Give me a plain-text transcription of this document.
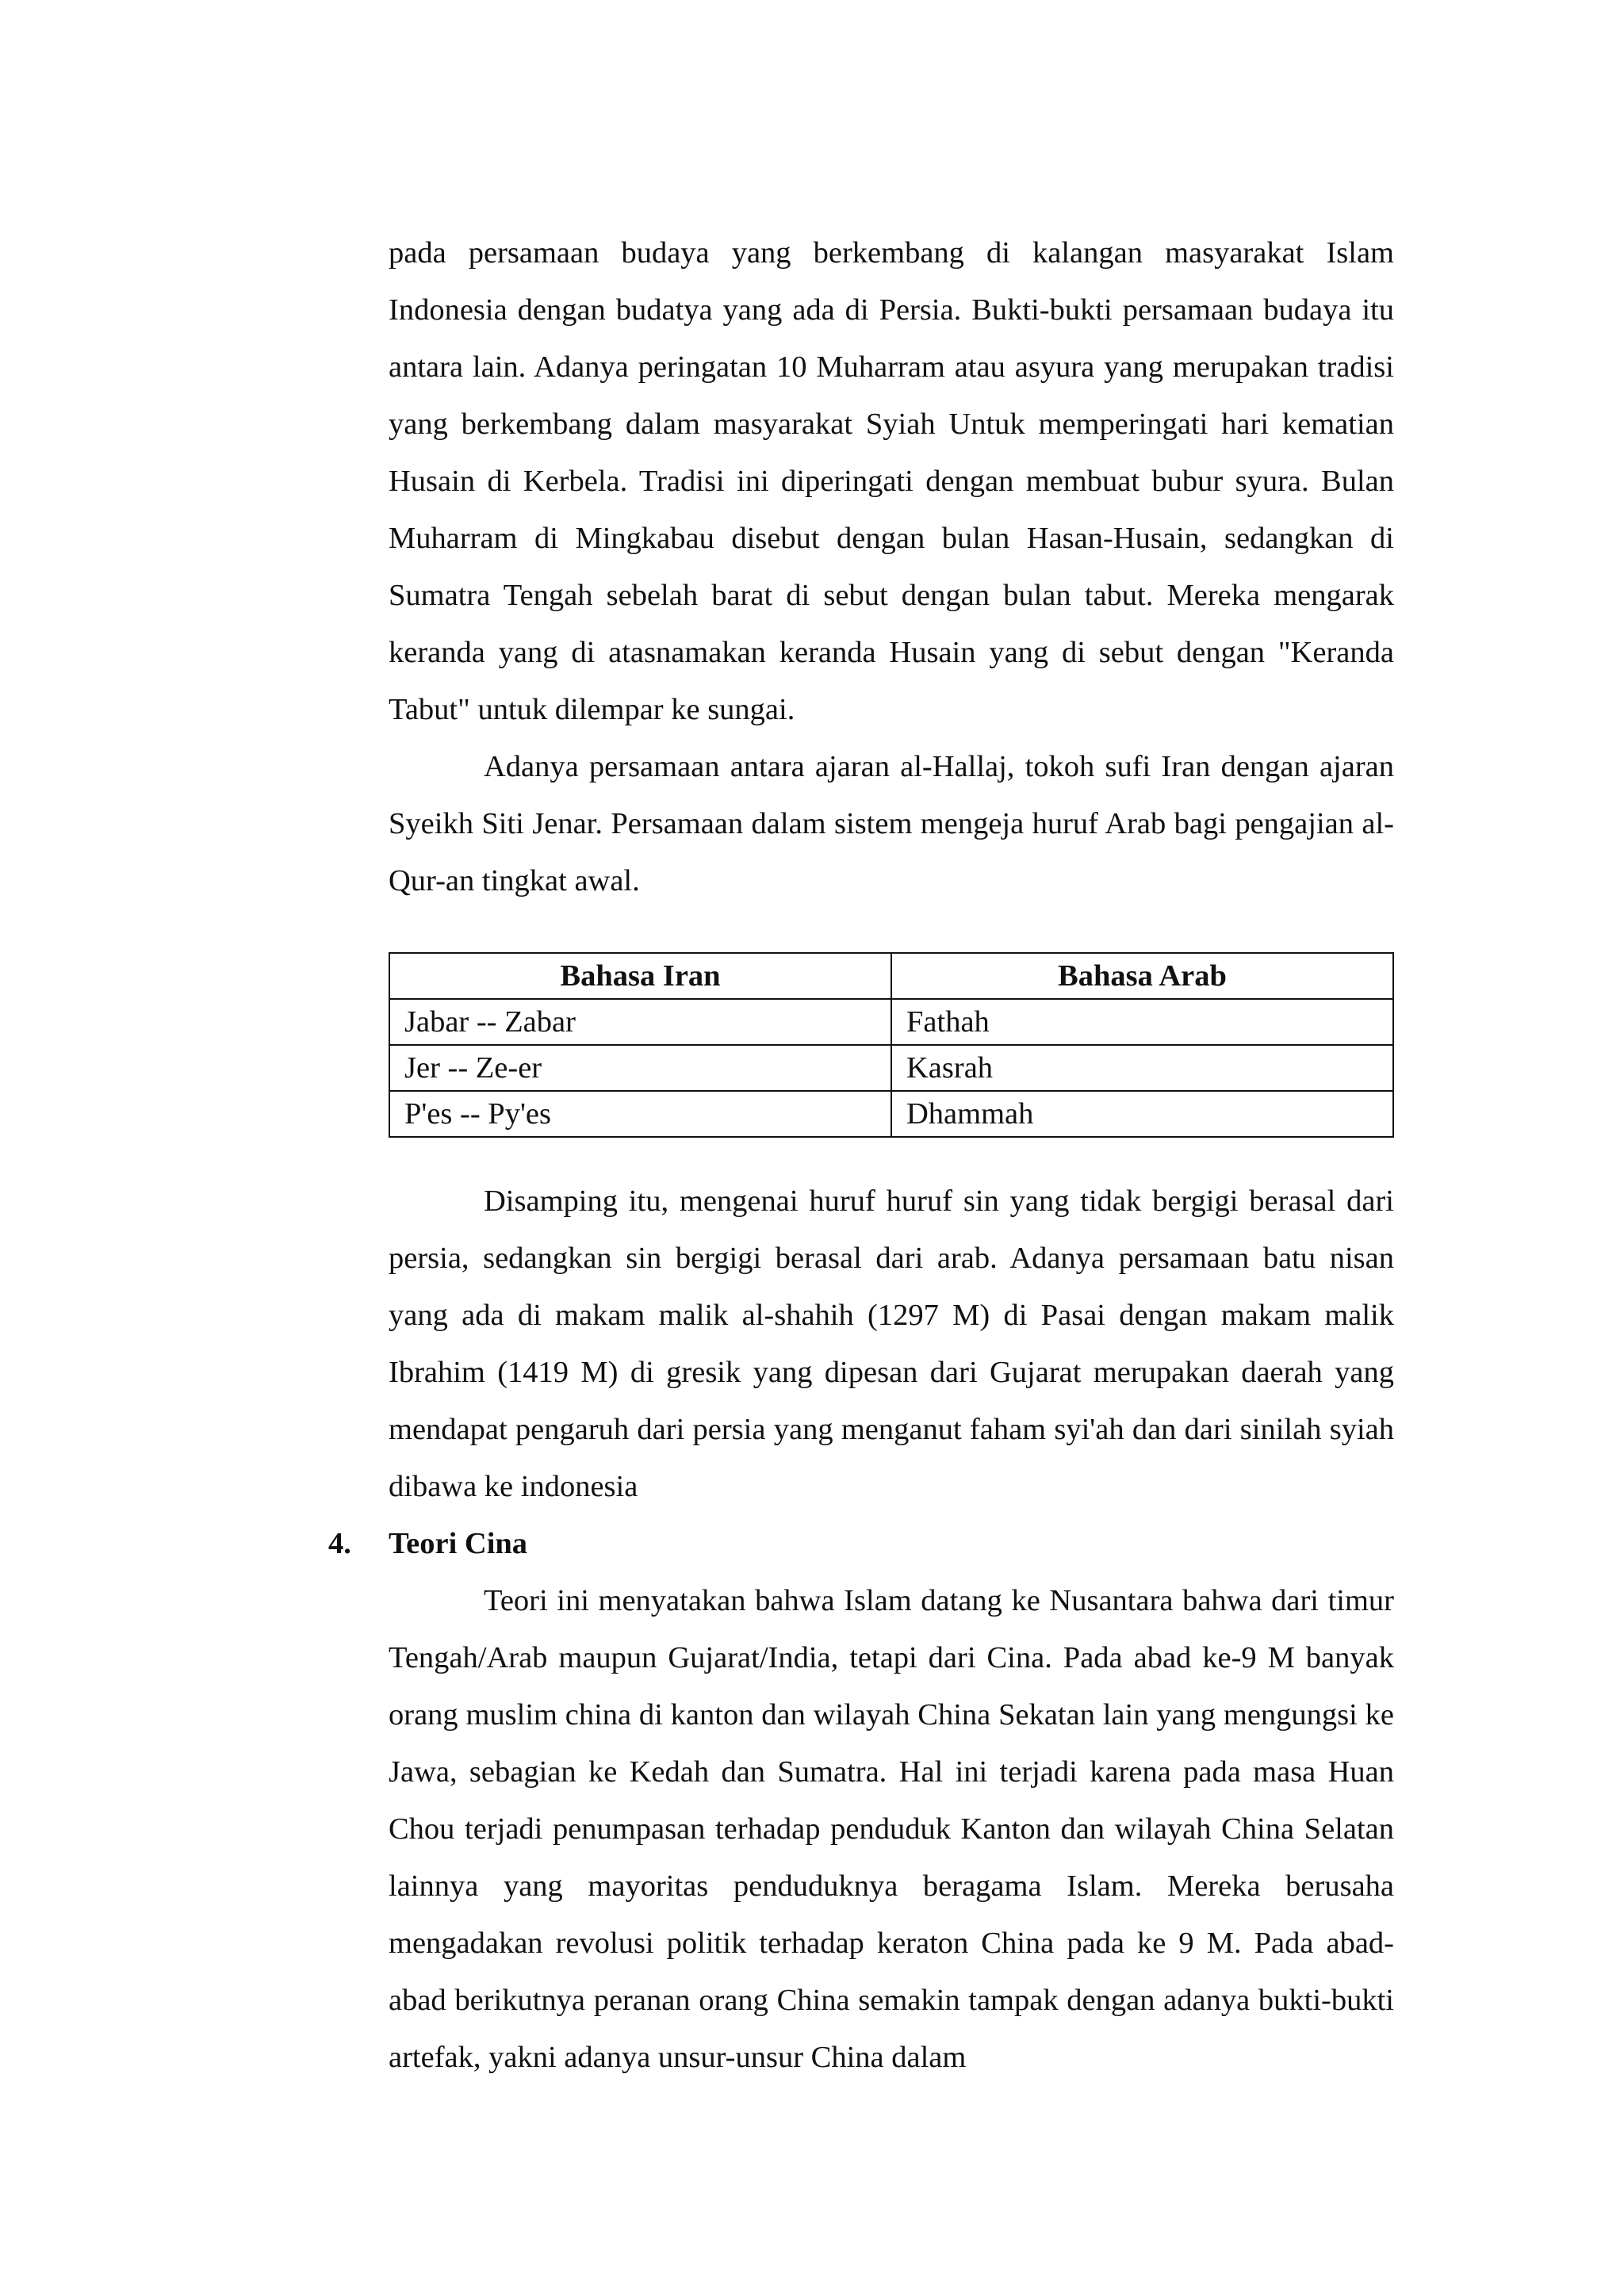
pada persamaan budaya yang berkembang di kalangan masyarakat Islam Indonesia dengan budatya yang ada di Persia. Bukti-bukti persamaan budaya itu antara lain. Adanya peringatan 10 Muharram atau asyura yang merupakan tradisi yang berkembang dalam masyarakat Syiah Untuk memperingati hari kematian Husain di Kerbela. Tradisi ini diperingati dengan membuat bubur syura. Bulan Muharram di Mingkabau disebut dengan bulan Hasan-Husain, sedangkan di Sumatra Tengah sebelah barat di sebut dengan bulan tabut. Mereka mengarak keranda yang di atasnamakan keranda Husain yang di sebut dengan "Keranda Tabut" untuk dilempar ke sungai.

Adanya persamaan antara ajaran al-Hallaj, tokoh sufi Iran dengan ajaran Syeikh Siti Jenar. Persamaan dalam sistem mengeja huruf Arab bagi pengajian al-Qur-an tingkat awal.

Bahasa Iran	Bahasa Arab
Jabar -- Zabar	Fathah
Jer -- Ze-er	Kasrah
P'es -- Py'es	Dhammah

Disamping itu, mengenai huruf huruf sin yang tidak bergigi berasal dari persia, sedangkan sin bergigi berasal dari arab. Adanya persamaan batu nisan yang ada di makam malik al-shahih (1297 M) di Pasai dengan makam malik Ibrahim (1419 M) di gresik yang dipesan dari Gujarat merupakan daerah yang mendapat pengaruh dari persia yang menganut faham syi'ah dan dari sinilah syiah dibawa ke indonesia

4. Teori Cina

Teori ini menyatakan bahwa Islam datang ke Nusantara bahwa dari timur Tengah/Arab maupun Gujarat/India, tetapi dari Cina. Pada abad ke-9 M banyak orang muslim china di kanton dan wilayah China Sekatan lain yang mengungsi ke Jawa, sebagian ke Kedah dan Sumatra. Hal ini terjadi karena pada masa Huan Chou terjadi penumpasan terhadap penduduk Kanton dan wilayah China Selatan lainnya yang mayoritas penduduknya beragama Islam. Mereka berusaha mengadakan revolusi politik terhadap keraton China pada ke 9 M. Pada abad-abad berikutnya peranan orang China semakin tampak dengan adanya bukti-bukti artefak, yakni adanya unsur-unsur China dalam
